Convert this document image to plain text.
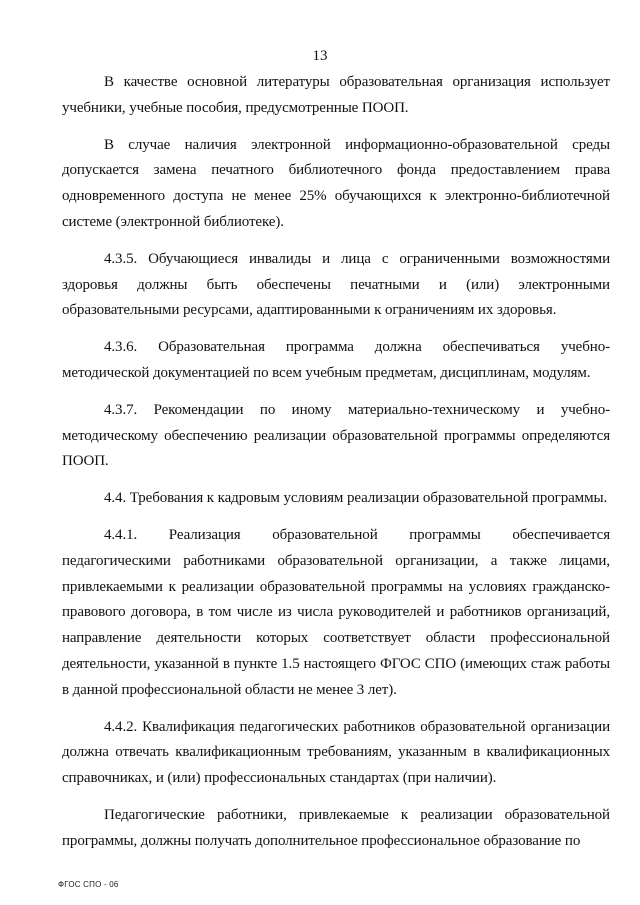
13

В качестве основной литературы образовательная организация использует учебники, учебные пособия, предусмотренные ПООП.

В случае наличия электронной информационно-образовательной среды допускается замена печатного библиотечного фонда предоставлением права одновременного доступа не менее 25% обучающихся к электронно-библиотечной системе (электронной библиотеке).

4.3.5. Обучающиеся инвалиды и лица с ограниченными возможностями здоровья должны быть обеспечены печатными и (или) электронными образовательными ресурсами, адаптированными к ограничениям их здоровья.

4.3.6. Образовательная программа должна обеспечиваться учебно-методической документацией по всем учебным предметам, дисциплинам, модулям.

4.3.7. Рекомендации по иному материально-техническому и учебно-методическому обеспечению реализации образовательной программы определяются ПООП.

4.4. Требования к кадровым условиям реализации образовательной программы.

4.4.1. Реализация образовательной программы обеспечивается педагогическими работниками образовательной организации, а также лицами, привлекаемыми к реализации образовательной программы на условиях гражданско-правового договора, в том числе из числа руководителей и работников организаций, направление деятельности которых соответствует области профессиональной деятельности, указанной в пункте 1.5 настоящего ФГОС СПО (имеющих стаж работы в данной профессиональной области не менее 3 лет).

4.4.2. Квалификация педагогических работников образовательной организации должна отвечать квалификационным требованиям, указанным в квалификационных справочниках, и (или) профессиональных стандартах (при наличии).

Педагогические работники, привлекаемые к реализации образовательной программы, должны получать дополнительное профессиональное образование по

ФГОС СПО - 06
